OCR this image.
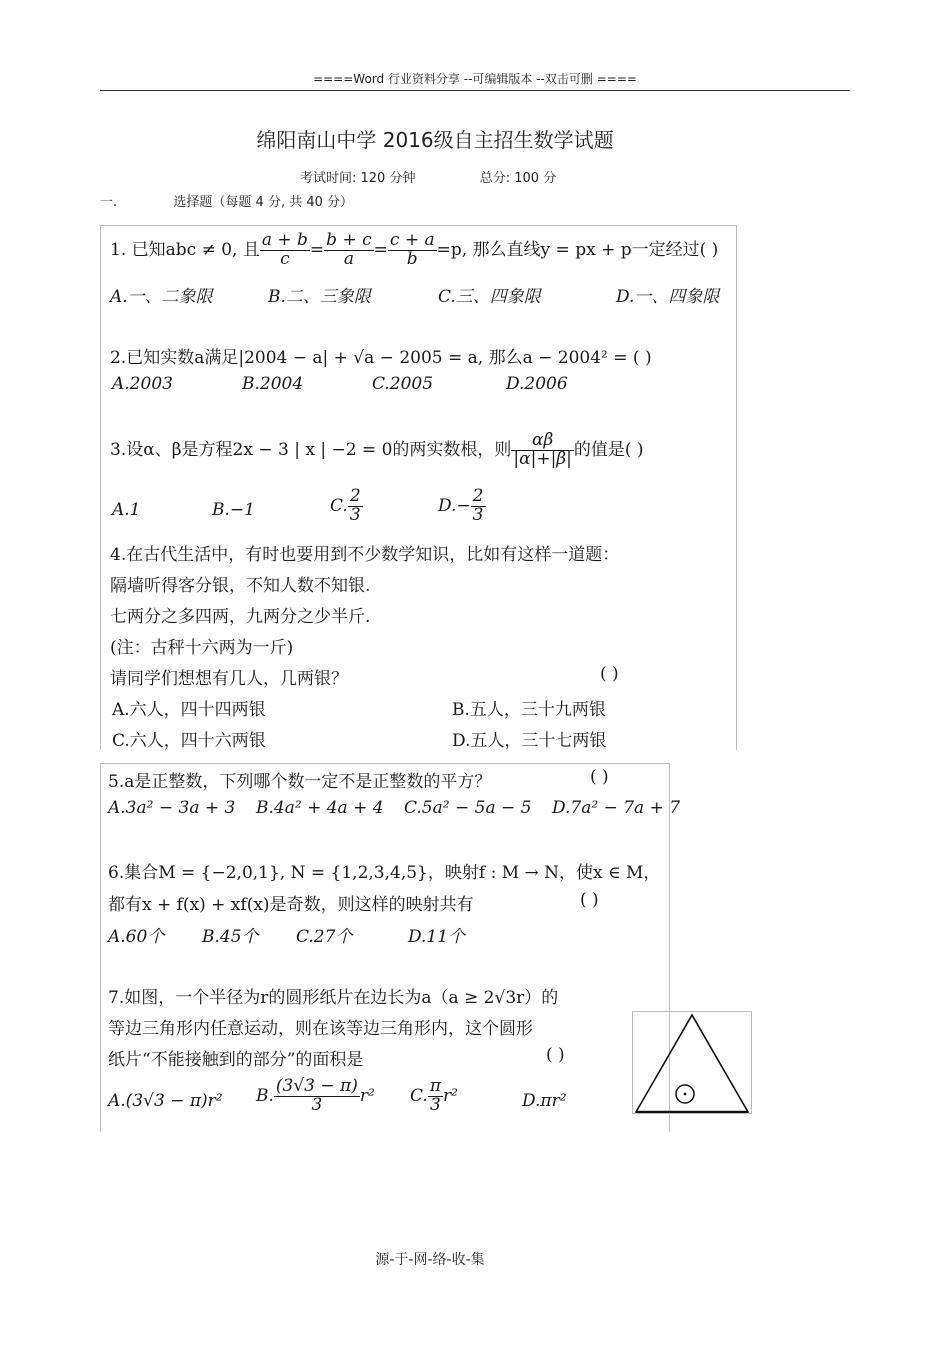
====Word 行业资料分享 --可编辑版本 --双击可删 ====
绵阳南山中学 2016级自主招生数学试题
考试时间: 120 分钟	总分: 100 分
一.	选择题（每题 4 分, 共 40 分）
1. 已知abc ≠ 0, 且 $\frac{a + b}{c} = \frac{b + c}{a} = \frac{c + a}{b} =p$, 那么直线y = px + p一定经过( )
A.一、二象限	B.二、三象限	C.三、四象限	D.一、四象限
2.已知实数a满足|2004 − a| + √a − 2005 = a, 那么a − 2004² = ( )
A.2003	B.2004	C.2005	D.2006
3.设α、β是方程2x − 3 | x | −2 = 0的两实数根，则 $\frac{\alpha\beta}{|\alpha|+|\beta|}$ 的值是( )
A.1	B.−1	C. $\frac{2}{3}$	$D.- \frac{2}{3}$
4.在古代生活中，有时也要用到不少数学知识，比如有这样一道题：
隔墙听得客分银，不知人数不知银.
七两分之多四两，九两分之少半斤.
(注：古秤十六两为一斤)
请同学们想想有几人，几两银？	( )
A.六人，四十四两银	B.五人，三十九两银
C.六人，四十六两银	D.五人，三十七两银
5.a是正整数，下列哪个数一定不是正整数的平方？	( )
A.3a² − 3a + 3 B.4a² + 4a + 4 C.5a² − 5a − 5 D.7a² − 7a + 7
6.集合M = {−2,0,1}, N = {1,2,3,4,5}，映射f : M → N，使x ∈ M，
都有x + f(x) + xf(x)是奇数，则这样的映射共有	( )
A.60个 B.45个 C.27个	D.11个
7.如图，一个半径为r的圆形纸片在边长为a（a ≥ 2√3r）的
等边三角形内任意运动，则在该等边三角形内，这个圆形
纸片“不能接触到的部分”的面积是	( )
A.(3√3 − π)r² B. $\frac{(3√3 - \pi)}{3} r^2$ C. $\frac{\pi}{3} r^2$	D.πr²
源-于-网-络-收-集
